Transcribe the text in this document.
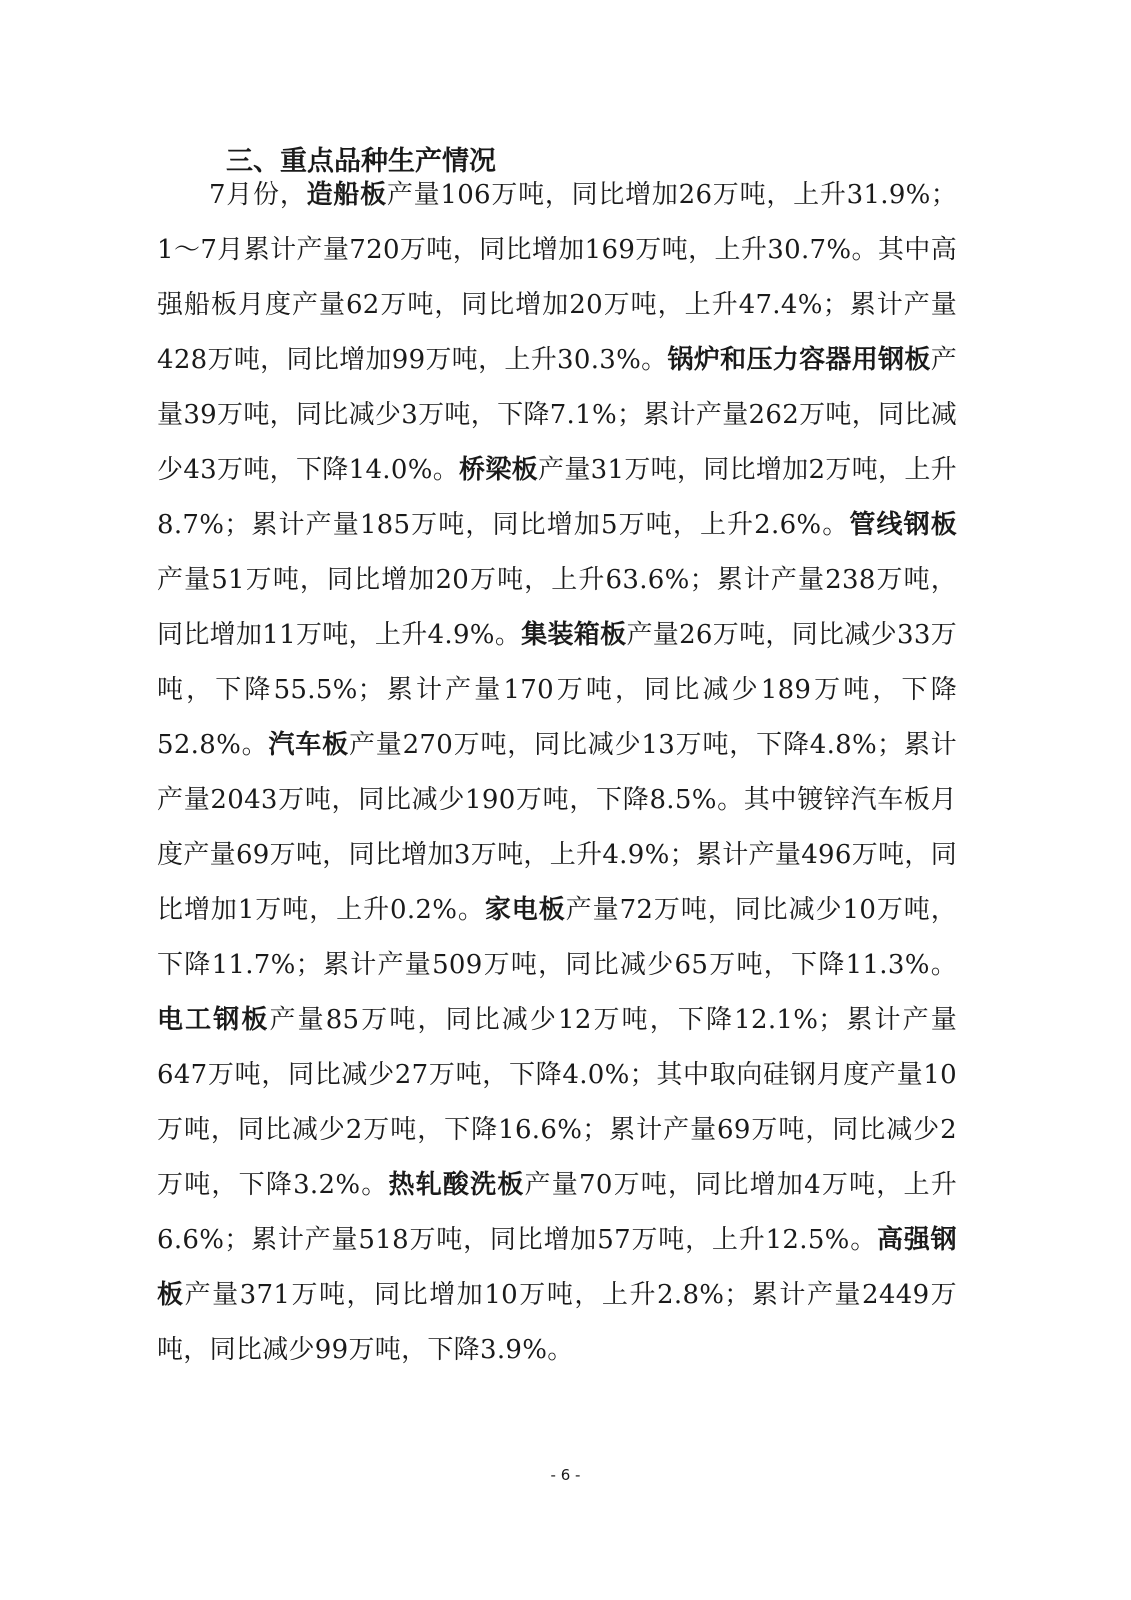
三、重点品种生产情况

7月份，造船板产量106万吨，同比增加26万吨，上升31.9%；1～7月累计产量720万吨，同比增加169万吨，上升30.7%。其中高强船板月度产量62万吨，同比增加20万吨，上升47.4%；累计产量428万吨，同比增加99万吨，上升30.3%。锅炉和压力容器用钢板产量39万吨，同比减少3万吨，下降7.1%；累计产量262万吨，同比减少43万吨，下降14.0%。桥梁板产量31万吨，同比增加2万吨，上升8.7%；累计产量185万吨，同比增加5万吨，上升2.6%。管线钢板产量51万吨，同比增加20万吨，上升63.6%；累计产量238万吨，同比增加11万吨，上升4.9%。集装箱板产量26万吨，同比减少33万吨，下降55.5%；累计产量170万吨，同比减少189万吨，下降52.8%。汽车板产量270万吨，同比减少13万吨，下降4.8%；累计产量2043万吨，同比减少190万吨，下降8.5%。其中镀锌汽车板月度产量69万吨，同比增加3万吨，上升4.9%；累计产量496万吨，同比增加1万吨，上升0.2%。家电板产量72万吨，同比减少10万吨，下降11.7%；累计产量509万吨，同比减少65万吨，下降11.3%。电工钢板产量85万吨，同比减少12万吨，下降12.1%；累计产量647万吨，同比减少27万吨，下降4.0%；其中取向硅钢月度产量10万吨，同比减少2万吨，下降16.6%；累计产量69万吨，同比减少2万吨，下降3.2%。热轧酸洗板产量70万吨，同比增加4万吨，上升6.6%；累计产量518万吨，同比增加57万吨，上升12.5%。高强钢板产量371万吨，同比增加10万吨，上升2.8%；累计产量2449万吨，同比减少99万吨，下降3.9%。

- 6 -
